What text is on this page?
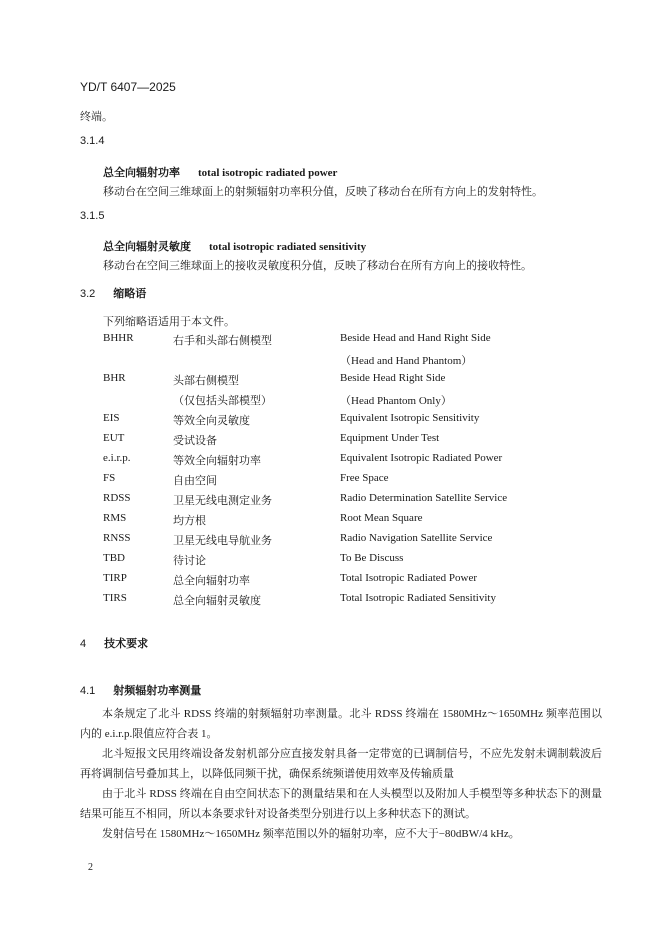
YD/T 6407—2025
终端。
3.1.4
总全向辐射功率 total isotropic radiated power
移动台在空间三维球面上的射频辐射功率积分值，反映了移动台在所有方向上的发射特性。
3.1.5
总全向辐射灵敏度 total isotropic radiated sensitivity
移动台在空间三维球面上的接收灵敏度积分值，反映了移动台在所有方向上的接收特性。
3.2 缩略语
下列缩略语适用于本文件。
BHHR	右手和头部右侧模型	Beside Head and Hand Right Side
（Head and Hand Phantom）
BHR	头部右侧模型	Beside Head Right Side
（仅包括头部模型）	（Head Phantom Only）
EIS	等效全向灵敏度	Equivalent Isotropic Sensitivity
EUT	受试设备	Equipment Under Test
e.i.r.p.	等效全向辐射功率	Equivalent Isotropic Radiated Power
FS	自由空间	Free Space
RDSS	卫星无线电测定业务	Radio Determination Satellite Service
RMS	均方根	Root Mean Square
RNSS	卫星无线电导航业务	Radio Navigation Satellite Service
TBD	待讨论	To Be Discuss
TIRP	总全向辐射功率	Total Isotropic Radiated Power
TIRS	总全向辐射灵敏度	Total Isotropic Radiated Sensitivity
4 技术要求
4.1 射频辐射功率测量
本条规定了北斗 RDSS 终端的射频辐射功率测量。北斗 RDSS 终端在 1580MHz～1650MHz 频率范围以内的 e.i.r.p.限值应符合表 1。
北斗短报文民用终端设备发射机部分应直接发射具备一定带宽的已调制信号，不应先发射未调制载波后再将调制信号叠加其上，以降低同频干扰，确保系统频谱使用效率及传输质量
由于北斗 RDSS 终端在自由空间状态下的测量结果和在人头模型以及附加人手模型等多种状态下的测量结果可能互不相同，所以本条要求针对设备类型分别进行以上多种状态下的测试。
发射信号在 1580MHz～1650MHz 频率范围以外的辐射功率，应不大于−80dBW/4 kHz。
2
